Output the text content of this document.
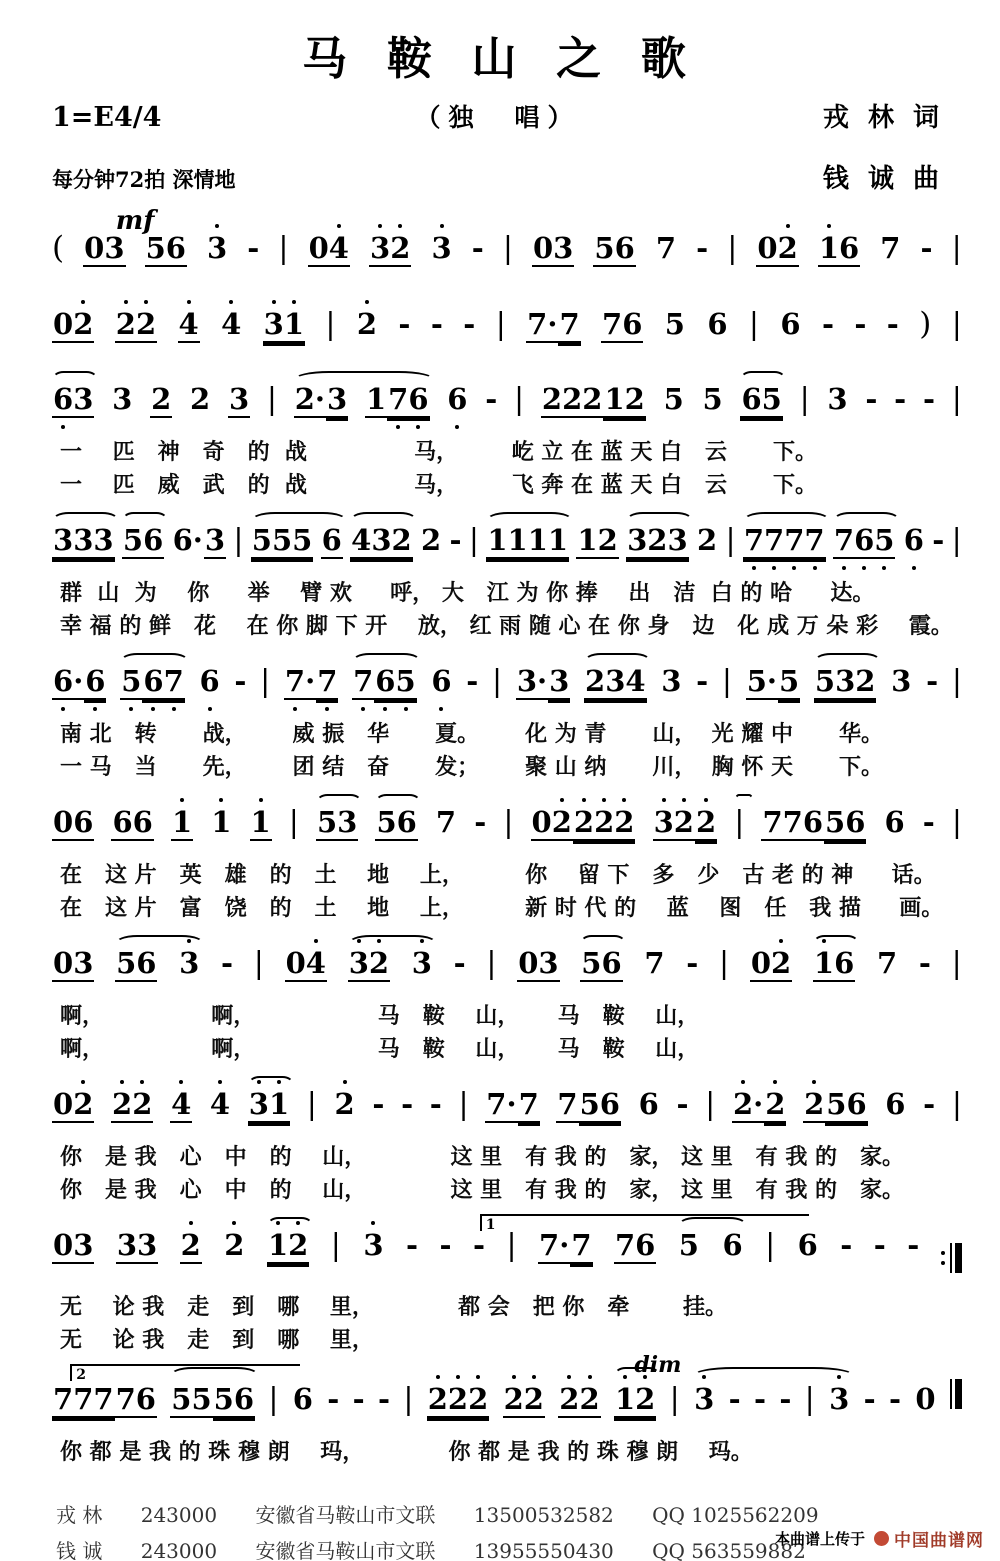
马 鞍 山 之 歌
1=E4/4	（独　唱）	戎 林 词
每分钟72拍 深情地	钱 诚 曲
( 03 56 3 - | 04 3
2 3 - | 03 56 7 - | 02 1
6 7 - |
mf
02 2
2 4 4 3
1 | 2 - - - | 7· 7 76 5 6 | 6 - - - ) |
6
3 3 2 2 3 | 2· 3 1 7
6 6 - | 222 12 5 5 65 | 3 - - - |
一    匹   神   奇   的  战              马，       屹 立 在 蓝 天 白   云      下。
一    匹   威   武   的  战              马，       飞 奔 在 蓝 天 白   云      下。
333 56 6· 3 | 555 6 432 2 - | 1111 12 323 2 | 7
7
7
7 7
6
5 6 - |
群  山  为    你     举    臂 欢     呼， 大   江 为 你 捧    出   洁  白 的 哈     达。
幸 福 的 鲜   花    在 你 脚 下 开    放， 红 雨 随 心 在 你 身   边   化 成 万 朵 彩    霞。
6
· 6 5 6
7 6 - | 7
· 7 7 6
5 6 - | 3· 3 234 3 - | 5· 5 532 3 - |
南 北   转      战，      威 振   华      夏。      化 为 青      山，  光 耀 中      华。
一 马   当      先，      团 结   奋      发；      聚 山 纳      川，  胸 怀 天      下。
06 66 1 1 1 | 53 56 7 - | 02 2
2
2 3
2 2 | 776 56 6 - |
在   这 片   英   雄   的   土    地    上，        你    留 下   多   少   古 老 的 神     话。
在   这 片   富   饶   的   土    地    上，        新 时 代 的    蓝    图   任   我 描     画。
03 56 3 - | 04 3
2 3 - | 03 56 7 - | 02 1
6 7 - |
啊，              啊，                马   鞍    山，     马   鞍    山，
啊，              啊，                马   鞍    山，     马   鞍    山，
02 2
2 4 4 3
1 | 2 - - - | 7· 7 7 56 6 - | 2
· 2 2 56 6 - |
你   是 我   心   中   的    山，           这 里   有 我 的   家， 这 里   有 我 的   家。
你   是 我   心   中   的    山，           这 里   有 我 的   家， 这 里   有 我 的   家。
03 33 2 2 1
2 | 3 - - - | 7· 7 76 5 6 | 6 - - -
1
无    论 我   走   到   哪    里，           都 会   把 你   牵       挂。
无    论 我   走   到   哪    里，
777 76 55 56 | 6 - - - | 2
2
2 2
2 2
2 1
2 | 3 - - - | 3 - - 0
dim
2
你 都 是 我 的 珠 穆 朗    玛，           你 都 是 我 的 珠 穆 朗    玛。
戎 林 243000 安徽省马鞍山市文联 13500532582 QQ 1025562209
钱 诚 243000 安徽省马鞍山市文联 13955550430 QQ 563559882
本曲谱上传于 中国曲谱网
